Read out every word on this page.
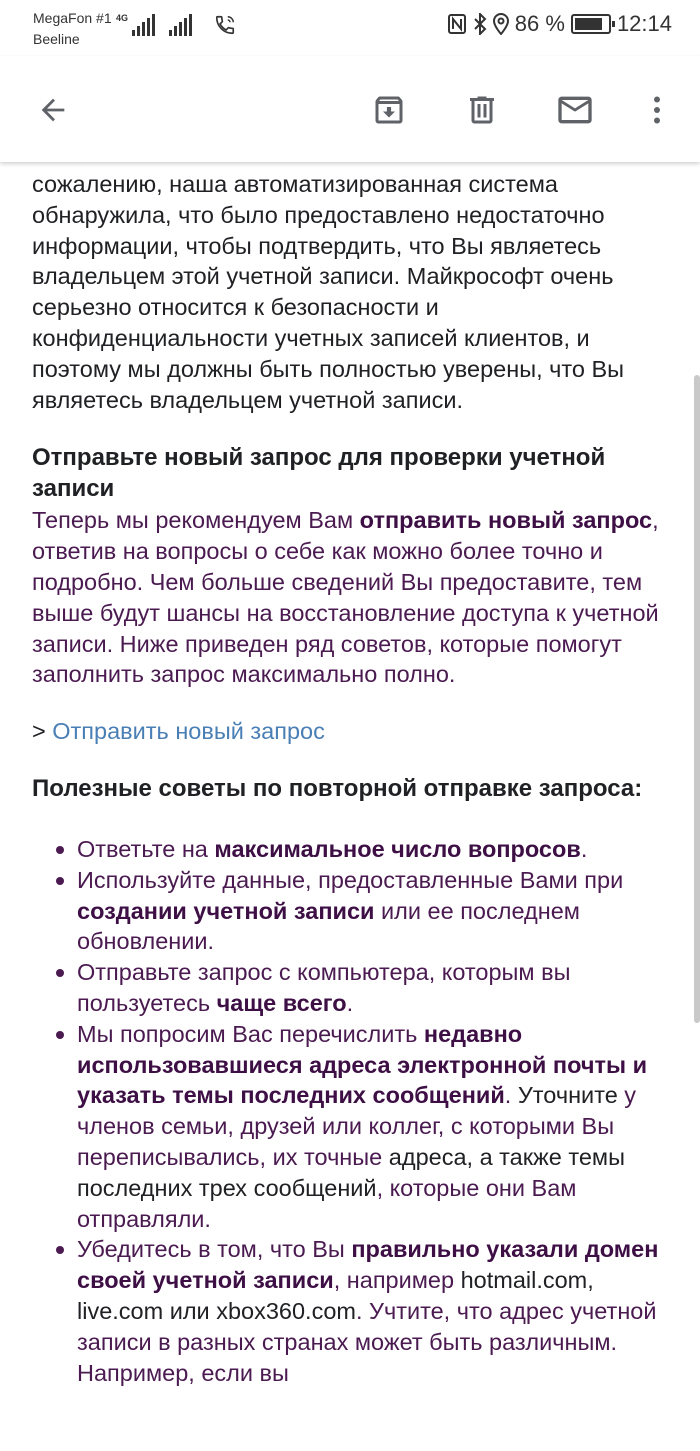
MegaFon #1
Beeline
4G	86 % 12:14

сожалению, наша автоматизированная система обнаружила, что было предоставлено недостаточно информации, чтобы подтвердить, что Вы являетесь владельцем этой учетной записи. Майкрософт очень серьезно относится к безопасности и конфиденциальности учетных записей клиентов, и поэтому мы должны быть полностью уверены, что Вы являетесь владельцем учетной записи.

Отправьте новый запрос для проверки учетной записи

Теперь мы рекомендуем Вам отправить новый запрос, ответив на вопросы о себе как можно более точно и подробно. Чем больше сведений Вы предоставите, тем выше будут шансы на восстановление доступа к учетной записи. Ниже приведен ряд советов, которые помогут заполнить запрос максимально полно.

> Отправить новый запрос

Полезные советы по повторной отправке запроса:
Ответьте на максимальное число вопросов.
Используйте данные, предоставленные Вами при создании учетной записи или ее последнем обновлении.
Отправьте запрос с компьютера, которым вы пользуетесь чаще всего.
Мы попросим Вас перечислить недавно использовавшиеся адреса электронной почты и указать темы последних сообщений. Уточните у членов семьи, друзей или коллег, с которыми Вы переписывались, их точные адреса, а также темы последних трех сообщений, которые они Вам отправляли.
Убедитесь в том, что Вы правильно указали домен своей учетной записи, например hotmail.com, live.com или xbox360.com. Учтите, что адрес учетной записи в разных странах может быть различным. Например, если вы
